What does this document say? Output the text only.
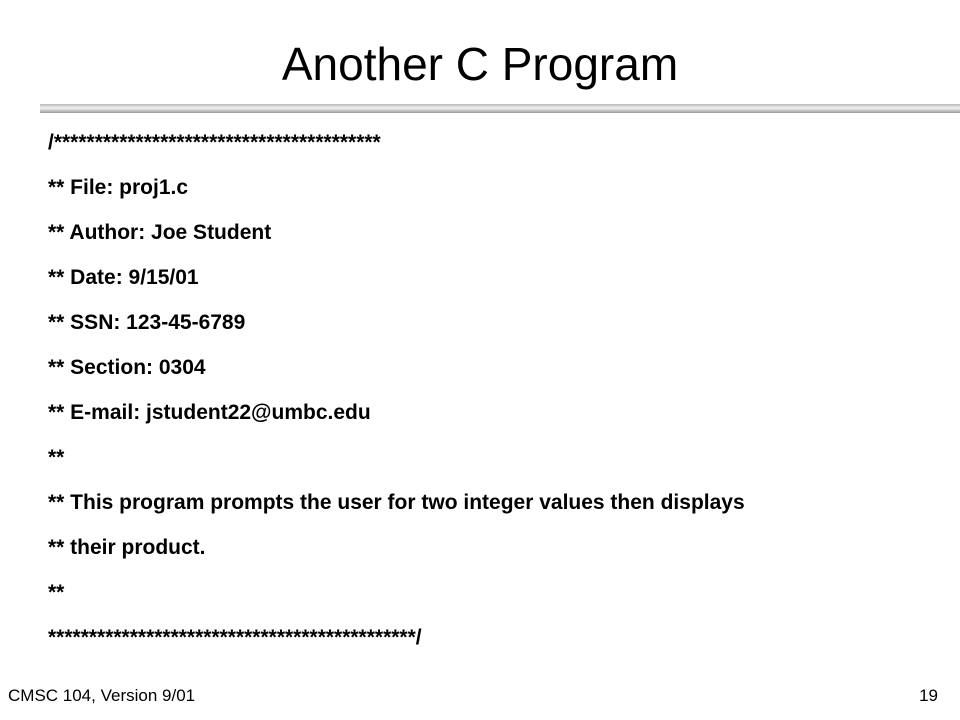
Another C Program

/****************************************

** File: proj1.c

** Author: Joe Student

** Date: 9/15/01

** SSN: 123-45-6789

** Section: 0304

** E-mail: jstudent22@umbc.edu

**

** This program prompts the user for two integer values then displays

** their product.

**

*********************************************/

CMSC 104, Version 9/01	19
